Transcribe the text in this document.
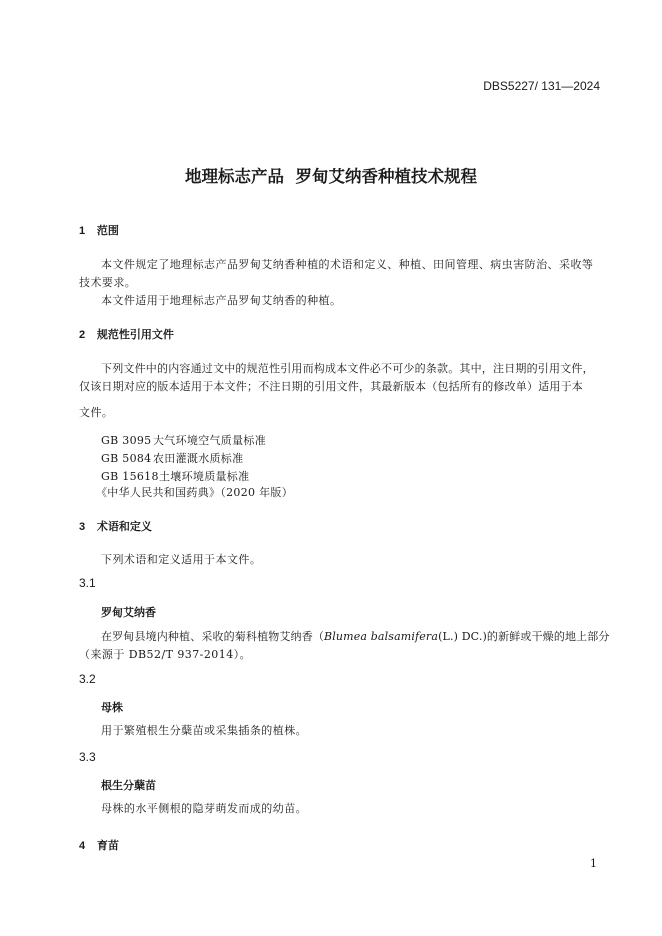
DBS5227/ 131—2024
地理标志产品  罗甸艾纳香种植技术规程
1 范围
本文件规定了地理标志产品罗甸艾纳香种植的术语和定义、种植、田间管理、病虫害防治、采收等技术要求。
本文件适用于地理标志产品罗甸艾纳香的种植。
2 规范性引用文件
下列文件中的内容通过文中的规范性引用而构成本文件必不可少的条款。其中，注日期的引用文件，
仅该日期对应的版本适用于本文件；不注日期的引用文件，其最新版本（包括所有的修改单）适用于本
文件。
GB 3095 大气环境空气质量标准
GB 5084 农田灌溉水质标准
GB 15618土壤环境质量标准
《中华人民共和国药典》（2020 年版）
3 术语和定义
下列术语和定义适用于本文件。
3.1
罗甸艾纳香
在罗甸县境内种植、采收的菊科植物艾纳香（Blumea balsamifera(L.) DC.)的新鲜或干燥的地上部分
（来源于 DB52/T 937-2014）。
3.2
母株
用于繁殖根生分蘖苗或采集插条的植株。
3.3
根生分蘖苗
母株的水平侧根的隐芽萌发而成的幼苗。
4 育苗
1
